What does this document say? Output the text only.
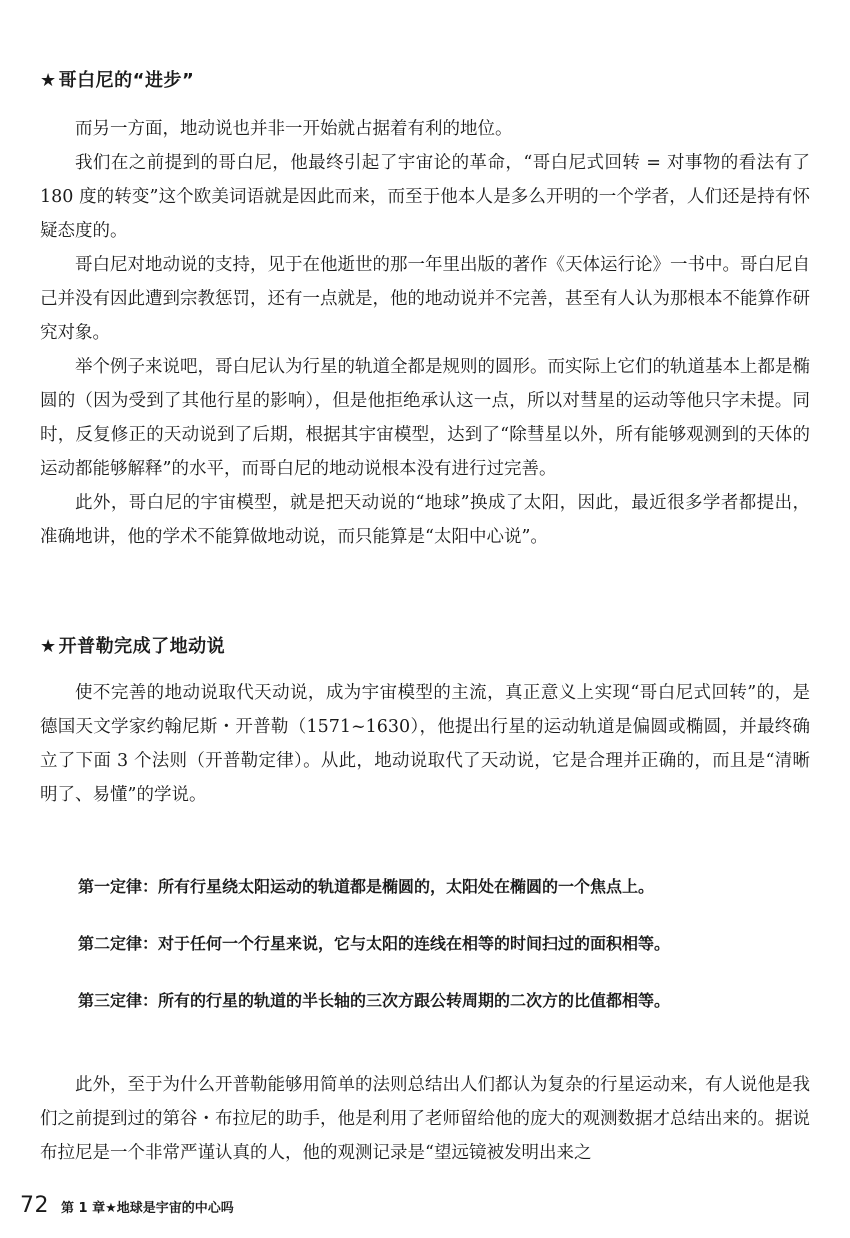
★ 哥白尼的“进步”

而另一方面，地动说也并非一开始就占据着有利的地位。

我们在之前提到的哥白尼，他最终引起了宇宙论的革命，“哥白尼式回转 = 对事物的看法有了 180 度的转变”这个欧美词语就是因此而来，而至于他本人是多么开明的一个学者，人们还是持有怀疑态度的。

哥白尼对地动说的支持，见于在他逝世的那一年里出版的著作《天体运行论》一书中。哥白尼自己并没有因此遭到宗教惩罚，还有一点就是，他的地动说并不完善，甚至有人认为那根本不能算作研究对象。

举个例子来说吧，哥白尼认为行星的轨道全都是规则的圆形。而实际上它们的轨道基本上都是椭圆的（因为受到了其他行星的影响），但是他拒绝承认这一点，所以对彗星的运动等他只字未提。同时，反复修正的天动说到了后期，根据其宇宙模型，达到了“除彗星以外，所有能够观测到的天体的运动都能够解释”的水平，而哥白尼的地动说根本没有进行过完善。

此外，哥白尼的宇宙模型，就是把天动说的“地球”换成了太阳，因此，最近很多学者都提出，准确地讲，他的学术不能算做地动说，而只能算是“太阳中心说”。

★ 开普勒完成了地动说

使不完善的地动说取代天动说，成为宇宙模型的主流，真正意义上实现“哥白尼式回转”的，是德国天文学家约翰尼斯・开普勒（1571~1630），他提出行星的运动轨道是偏圆或椭圆，并最终确立了下面 3 个法则（开普勒定律）。从此，地动说取代了天动说，它是合理并正确的，而且是“清晰明了、易懂”的学说。

第一定律：所有行星绕太阳运动的轨道都是椭圆的，太阳处在椭圆的一个焦点上。

第二定律：对于任何一个行星来说，它与太阳的连线在相等的时间扫过的面积相等。

第三定律：所有的行星的轨道的半长轴的三次方跟公转周期的二次方的比值都相等。

此外，至于为什么开普勒能够用简单的法则总结出人们都认为复杂的行星运动来，有人说他是我们之前提到过的第谷・布拉尼的助手，他是利用了老师留给他的庞大的观测数据才总结出来的。据说布拉尼是一个非常严谨认真的人，他的观测记录是“望远镜被发明出来之

72 第 1 章★地球是宇宙的中心吗
